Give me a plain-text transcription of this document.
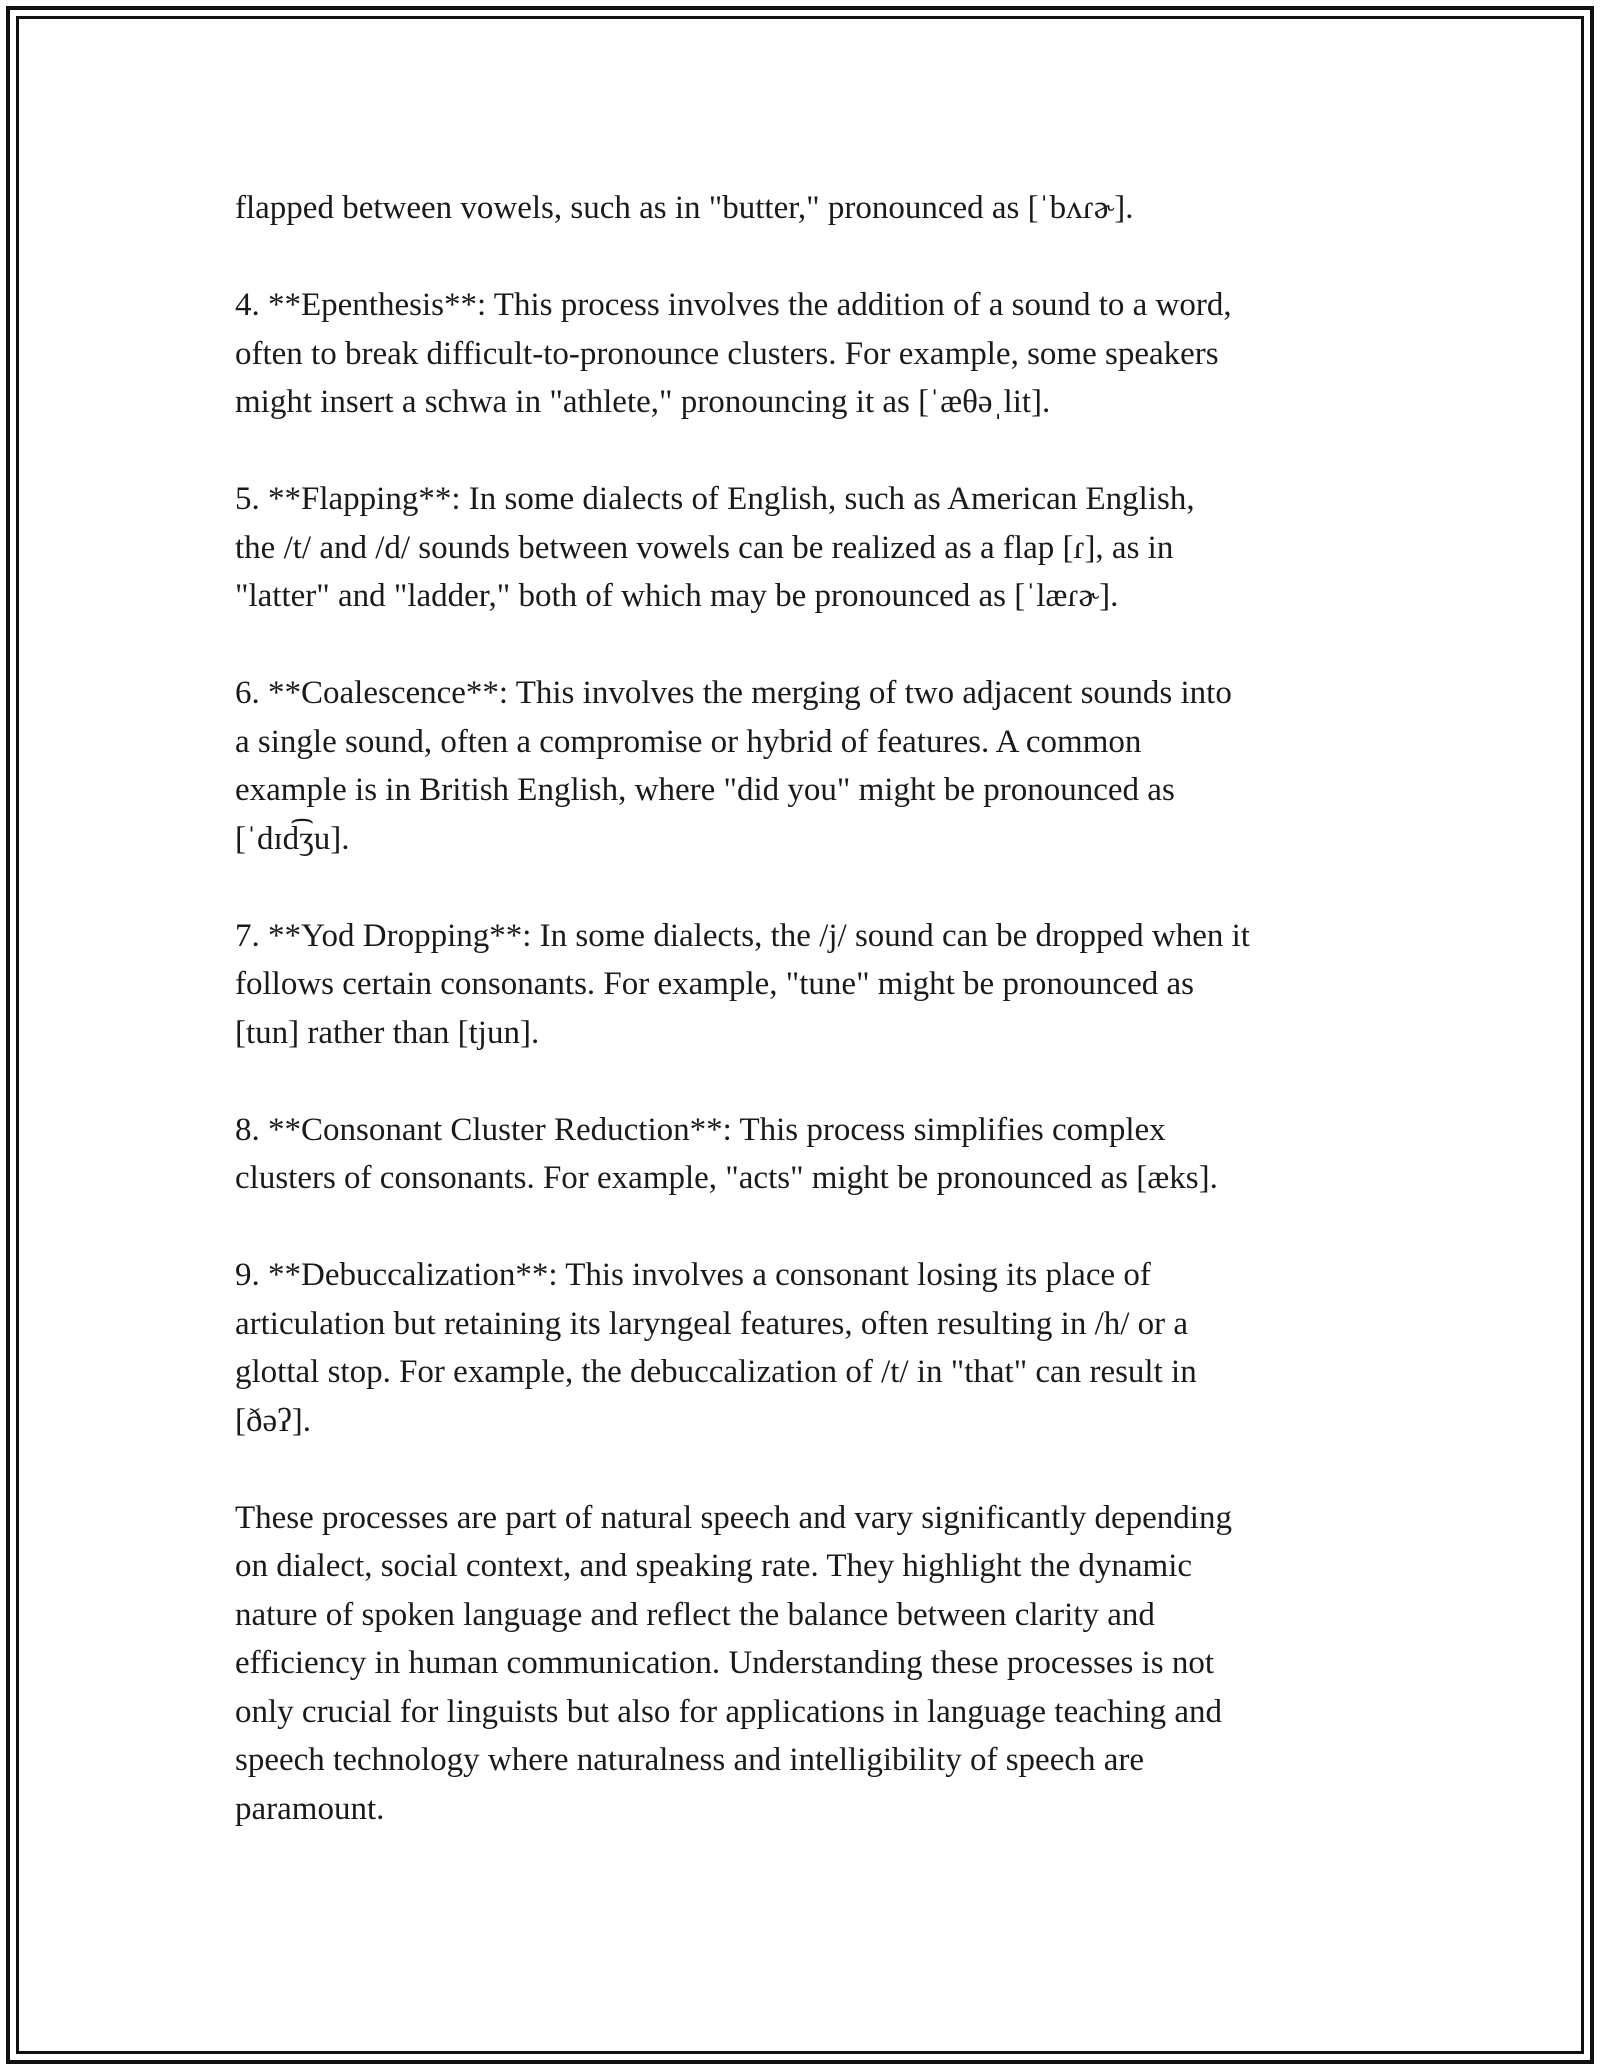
flapped between vowels, such as in "butter," pronounced as [ˈbʌɾɚ].

4. **Epenthesis**: This process involves the addition of a sound to a word,
often to break difficult-to-pronounce clusters. For example, some speakers
might insert a schwa in "athlete," pronouncing it as [ˈæθəˌlit].

5. **Flapping**: In some dialects of English, such as American English,
the /t/ and /d/ sounds between vowels can be realized as a flap [ɾ], as in
"latter" and "ladder," both of which may be pronounced as [ˈlæɾɚ].

6. **Coalescence**: This involves the merging of two adjacent sounds into
a single sound, often a compromise or hybrid of features. A common
example is in British English, where "did you" might be pronounced as
[ˈdɪd͡ʒu].

7. **Yod Dropping**: In some dialects, the /j/ sound can be dropped when it
follows certain consonants. For example, "tune" might be pronounced as
[tun] rather than [tjun].

8. **Consonant Cluster Reduction**: This process simplifies complex
clusters of consonants. For example, "acts" might be pronounced as [æks].

9. **Debuccalization**: This involves a consonant losing its place of
articulation but retaining its laryngeal features, often resulting in /h/ or a
glottal stop. For example, the debuccalization of /t/ in "that" can result in
[ðəʔ].

These processes are part of natural speech and vary significantly depending
on dialect, social context, and speaking rate. They highlight the dynamic
nature of spoken language and reflect the balance between clarity and
efficiency in human communication. Understanding these processes is not
only crucial for linguists but also for applications in language teaching and
speech technology where naturalness and intelligibility of speech are
paramount.
